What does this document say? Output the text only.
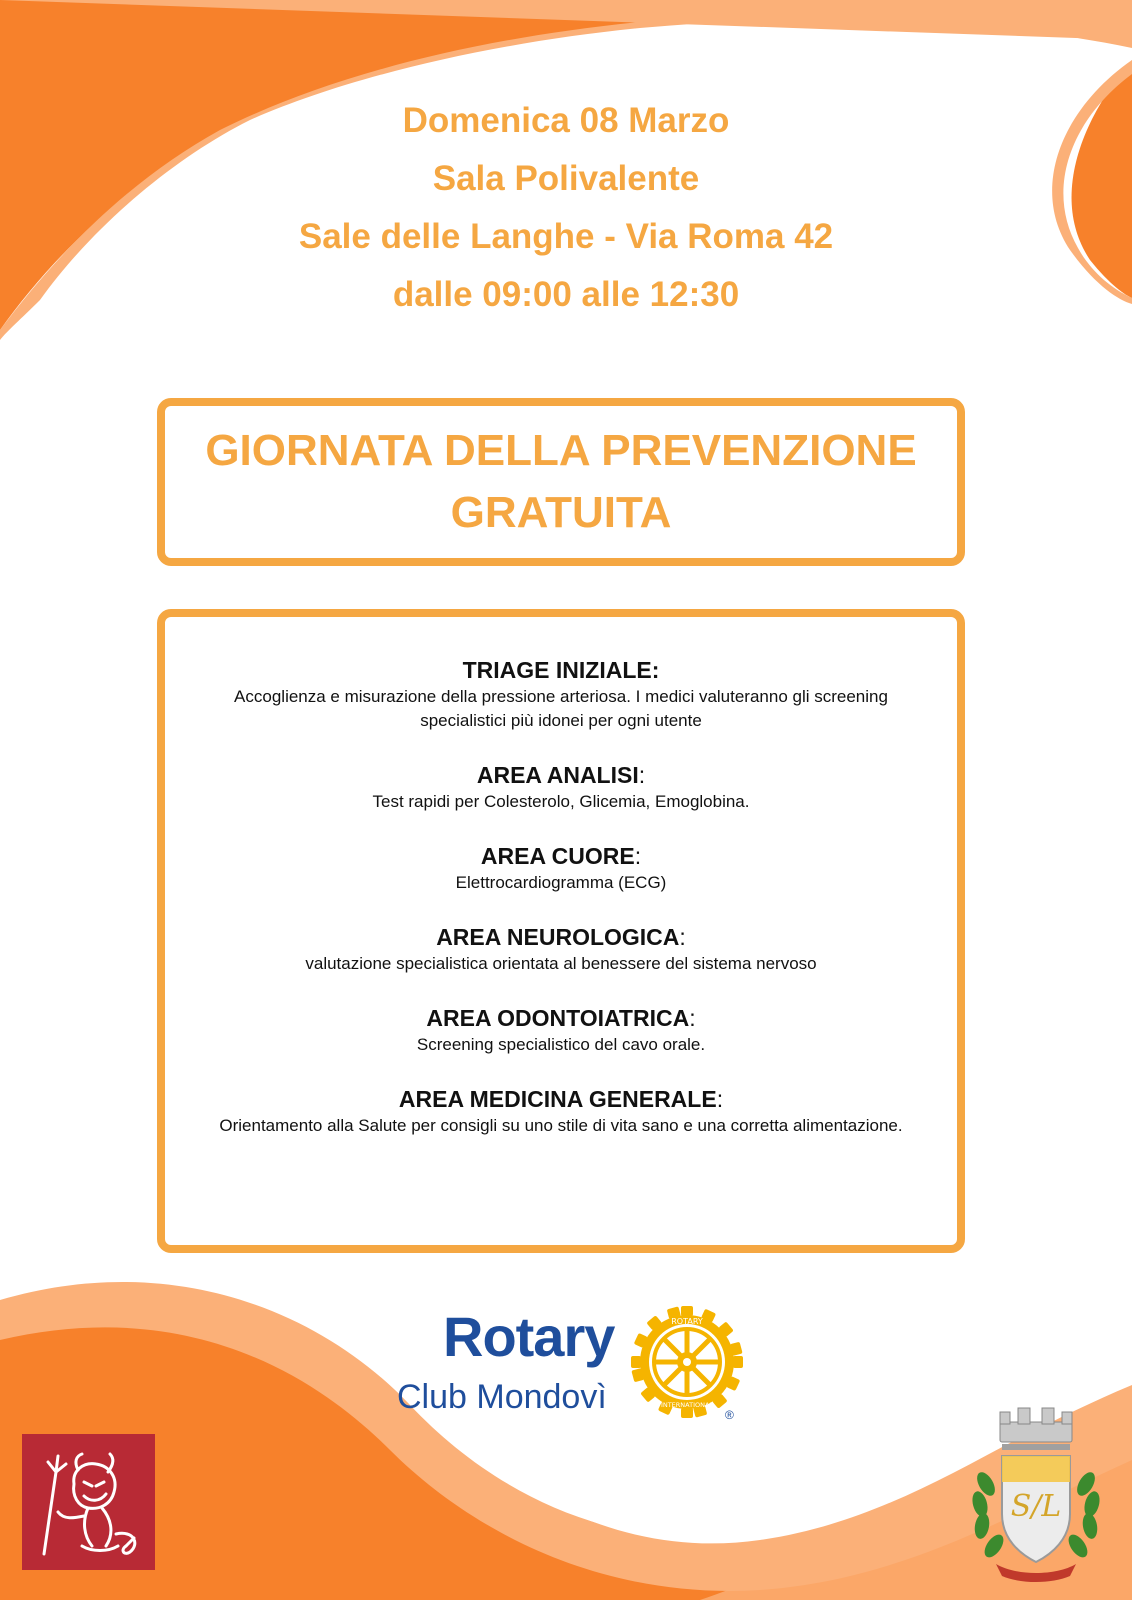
Domenica 08 Marzo
Sala Polivalente
Sale delle Langhe - Via Roma 42
dalle 09:00 alle 12:30
GIORNATA DELLA PREVENZIONE
GRATUITA
TRIAGE INIZIALE:
Accoglienza e misurazione della pressione arteriosa. I medici valuteranno gli screening specialistici più idonei per ogni utente
AREA ANALISI:
Test rapidi per Colesterolo, Glicemia, Emoglobina.
AREA CUORE:
Elettrocardiogramma (ECG)
AREA NEUROLOGICA:
valutazione specialistica orientata al benessere del sistema nervoso
AREA ODONTOIATRICA:
Screening specialistico del cavo orale.
AREA MEDICINA GENERALE:
Orientamento alla Salute per consigli su uno stile di vita sano e una corretta alimentazione.
Rotary
Club Mondovì
ROTARY
INTERNATIONAL
®
S/L
